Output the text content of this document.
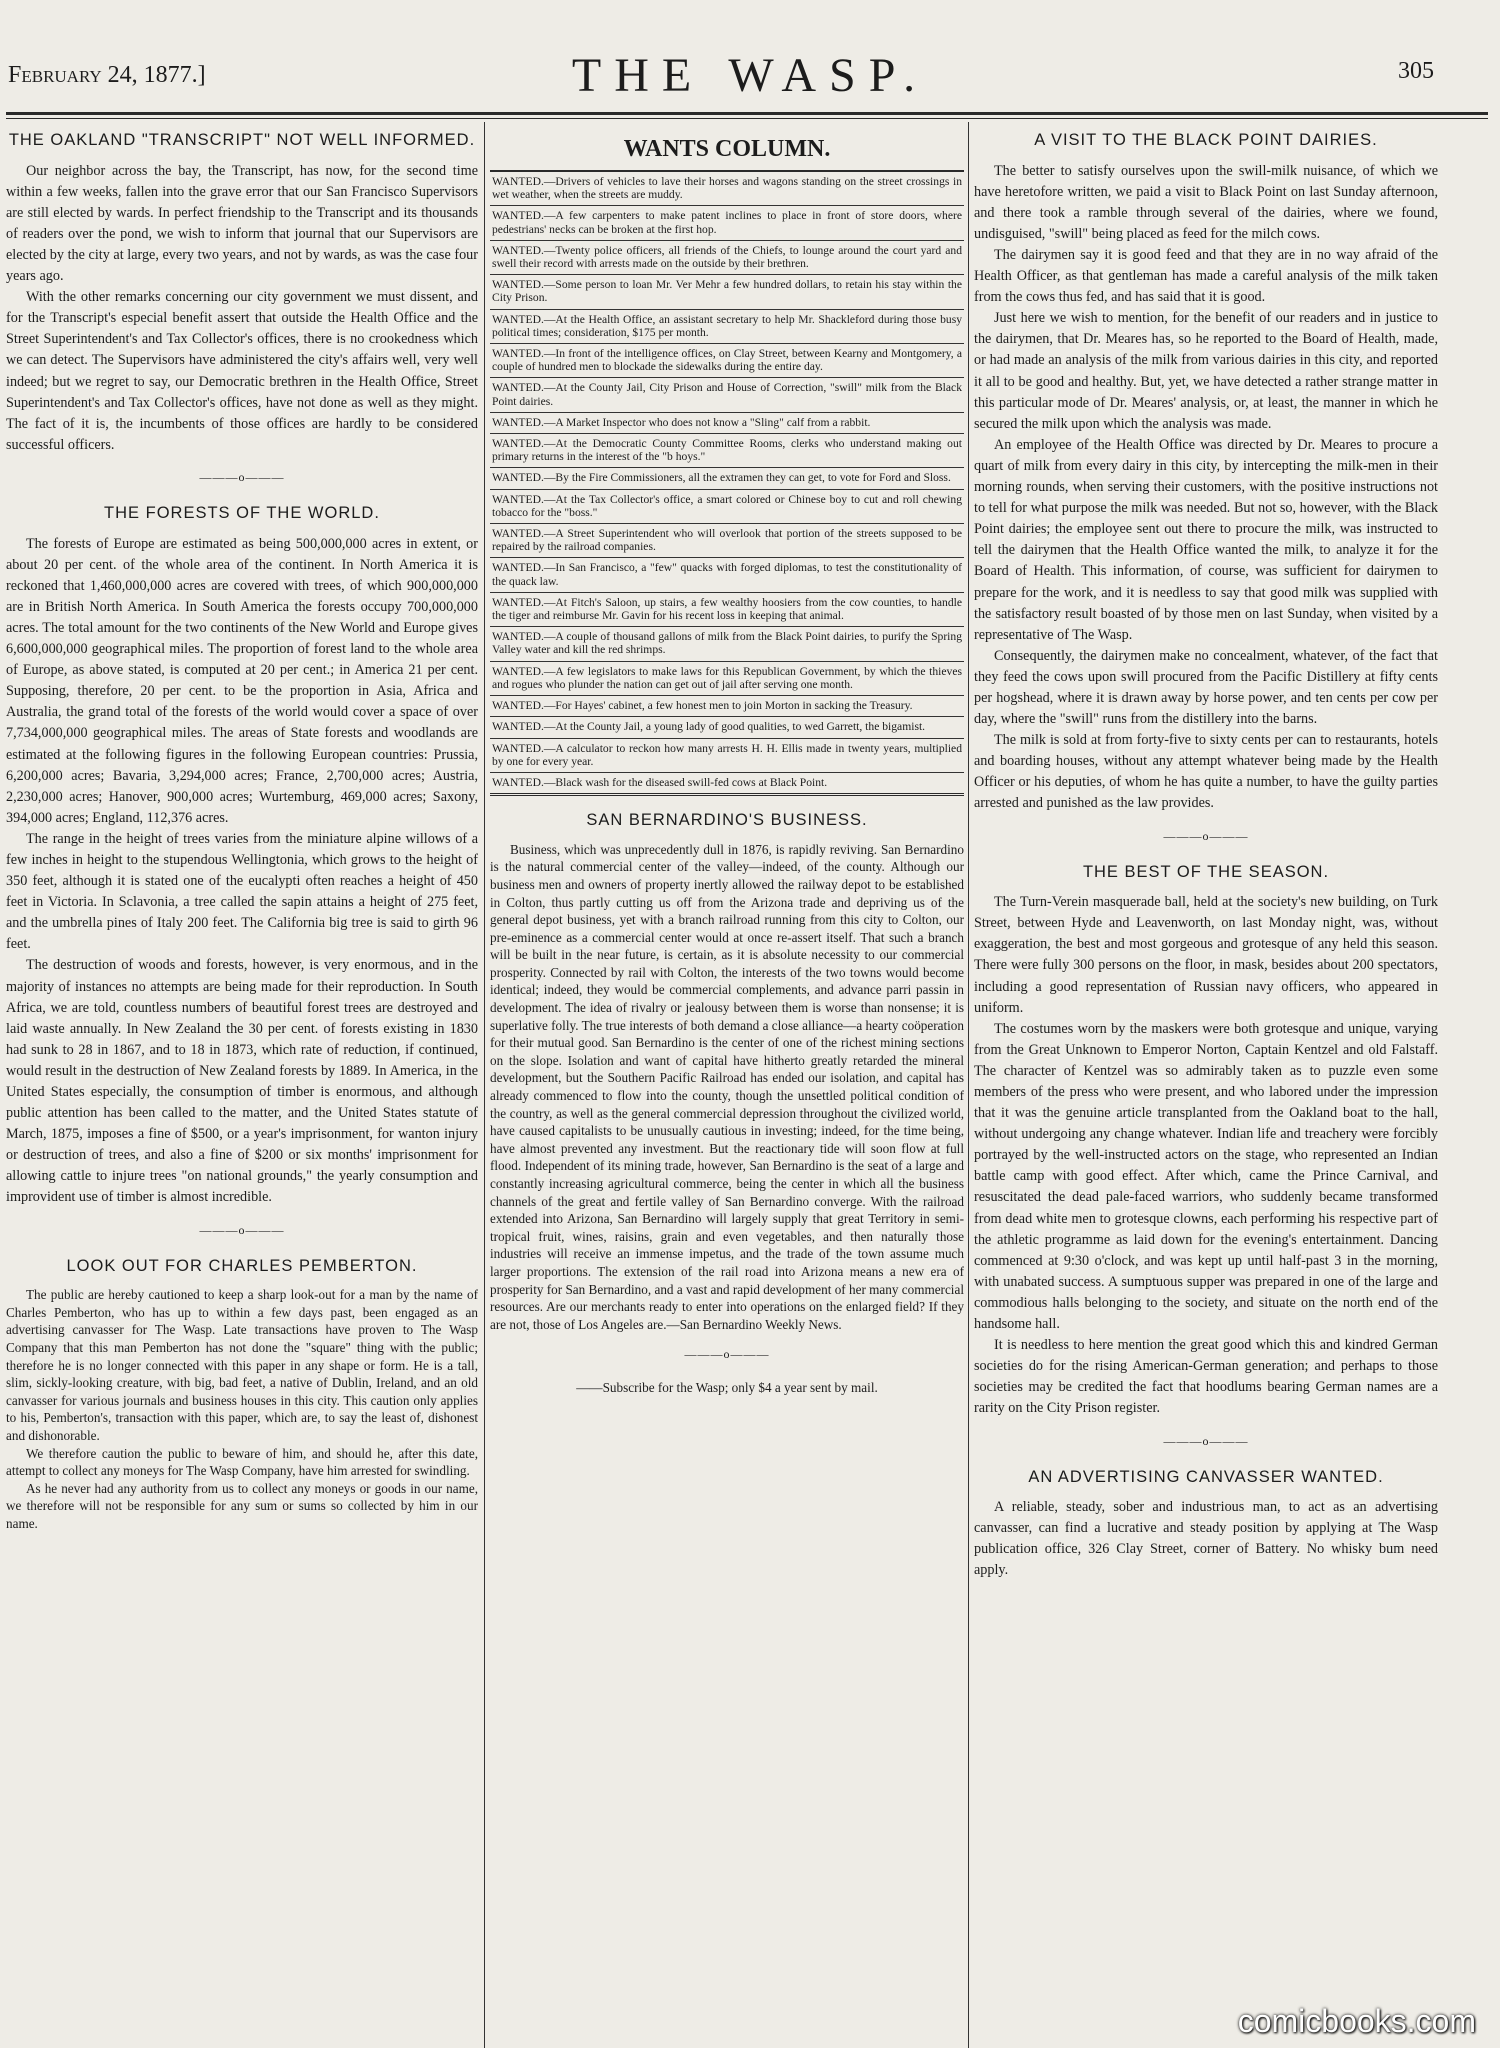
February 24, 1877.]	THE WASP.	305
THE OAKLAND "TRANSCRIPT" NOT WELL INFORMED.

Our neighbor across the bay, the Transcript, has now, for the second time within a few weeks, fallen into the grave error that our San Francisco Supervisors are still elected by wards. In perfect friendship to the Transcript and its thousands of readers over the pond, we wish to inform that journal that our Supervisors are elected by the city at large, every two years, and not by wards, as was the case four years ago.

With the other remarks concerning our city government we must dissent, and for the Transcript's especial benefit assert that outside the Health Office and the Street Superintendent's and Tax Collector's offices, there is no crookedness which we can detect. The Supervisors have administered the city's affairs well, very well indeed; but we regret to say, our Democratic brethren in the Health Office, Street Superintendent's and Tax Collector's offices, have not done as well as they might. The fact of it is, the incumbents of those offices are hardly to be considered successful officers.

———o———
THE FORESTS OF THE WORLD.

The forests of Europe are estimated as being 500,000,000 acres in extent, or about 20 per cent. of the whole area of the continent. In North America it is reckoned that 1,460,000,000 acres are covered with trees, of which 900,000,000 are in British North America. In South America the forests occupy 700,000,000 acres. The total amount for the two continents of the New World and Europe gives 6,600,000,000 geographical miles. The proportion of forest land to the whole area of Europe, as above stated, is computed at 20 per cent.; in America 21 per cent. Supposing, therefore, 20 per cent. to be the proportion in Asia, Africa and Australia, the grand total of the forests of the world would cover a space of over 7,734,000,000 geographical miles. The areas of State forests and woodlands are estimated at the following figures in the following European countries: Prussia, 6,200,000 acres; Bavaria, 3,294,000 acres; France, 2,700,000 acres; Austria, 2,230,000 acres; Hanover, 900,000 acres; Wurtemburg, 469,000 acres; Saxony, 394,000 acres; England, 112,376 acres.

The range in the height of trees varies from the miniature alpine willows of a few inches in height to the stupendous Wellingtonia, which grows to the height of 350 feet, although it is stated one of the eucalypti often reaches a height of 450 feet in Victoria. In Sclavonia, a tree called the sapin attains a height of 275 feet, and the umbrella pines of Italy 200 feet. The California big tree is said to girth 96 feet.

The destruction of woods and forests, however, is very enormous, and in the majority of instances no attempts are being made for their reproduction. In South Africa, we are told, countless numbers of beautiful forest trees are destroyed and laid waste annually. In New Zealand the 30 per cent. of forests existing in 1830 had sunk to 28 in 1867, and to 18 in 1873, which rate of reduction, if continued, would result in the destruction of New Zealand forests by 1889. In America, in the United States especially, the consumption of timber is enormous, and although public attention has been called to the matter, and the United States statute of March, 1875, imposes a fine of $500, or a year's imprisonment, for wanton injury or destruction of trees, and also a fine of $200 or six months' imprisonment for allowing cattle to injure trees "on national grounds," the yearly consumption and improvident use of timber is almost incredible.

———o———
LOOK OUT FOR CHARLES PEMBERTON.

The public are hereby cautioned to keep a sharp look-out for a man by the name of Charles Pemberton, who has up to within a few days past, been engaged as an advertising canvasser for The Wasp. Late transactions have proven to The Wasp Company that this man Pemberton has not done the "square" thing with the public; therefore he is no longer connected with this paper in any shape or form. He is a tall, slim, sickly-looking creature, with big, bad feet, a native of Dublin, Ireland, and an old canvasser for various journals and business houses in this city. This caution only applies to his, Pemberton's, transaction with this paper, which are, to say the least of, dishonest and dishonorable.

We therefore caution the public to beware of him, and should he, after this date, attempt to collect any moneys for The Wasp Company, have him arrested for swindling.

As he never had any authority from us to collect any moneys or goods in our name, we therefore will not be responsible for any sum or sums so collected by him in our name.

WANTS COLUMN.
WANTED.—Drivers of vehicles to lave their horses and wagons standing on the street crossings in wet weather, when the streets are muddy.
WANTED.—A few carpenters to make patent inclines to place in front of store doors, where pedestrians' necks can be broken at the first hop.
WANTED.—Twenty police officers, all friends of the Chiefs, to lounge around the court yard and swell their record with arrests made on the outside by their brethren.
WANTED.—Some person to loan Mr. Ver Mehr a few hundred dollars, to retain his stay within the City Prison.
WANTED.—At the Health Office, an assistant secretary to help Mr. Shackleford during those busy political times; consideration, $175 per month.
WANTED.—In front of the intelligence offices, on Clay Street, between Kearny and Montgomery, a couple of hundred men to blockade the sidewalks during the entire day.
WANTED.—At the County Jail, City Prison and House of Correction, "swill" milk from the Black Point dairies.
WANTED.—A Market Inspector who does not know a "Sling" calf from a rabbit.
WANTED.—At the Democratic County Committee Rooms, clerks who understand making out primary returns in the interest of the "b hoys."
WANTED.—By the Fire Commissioners, all the extramen they can get, to vote for Ford and Sloss.
WANTED.—At the Tax Collector's office, a smart colored or Chinese boy to cut and roll chewing tobacco for the "boss."
WANTED.—A Street Superintendent who will overlook that portion of the streets supposed to be repaired by the railroad companies.
WANTED.—In San Francisco, a "few" quacks with forged diplomas, to test the constitutionality of the quack law.
WANTED.—At Fitch's Saloon, up stairs, a few wealthy hoosiers from the cow counties, to handle the tiger and reimburse Mr. Gavin for his recent loss in keeping that animal.
WANTED.—A couple of thousand gallons of milk from the Black Point dairies, to purify the Spring Valley water and kill the red shrimps.
WANTED.—A few legislators to make laws for this Republican Government, by which the thieves and rogues who plunder the nation can get out of jail after serving one month.
WANTED.—For Hayes' cabinet, a few honest men to join Morton in sacking the Treasury.
WANTED.—At the County Jail, a young lady of good qualities, to wed Garrett, the bigamist.
WANTED.—A calculator to reckon how many arrests H. H. Ellis made in twenty years, multiplied by one for every year.
WANTED.—Black wash for the diseased swill-fed cows at Black Point.
SAN BERNARDINO'S BUSINESS.

Business, which was unprecedently dull in 1876, is rapidly reviving. San Bernardino is the natural commercial center of the valley—indeed, of the county. Although our business men and owners of property inertly allowed the railway depot to be established in Colton, thus partly cutting us off from the Arizona trade and depriving us of the general depot business, yet with a branch railroad running from this city to Colton, our pre-eminence as a commercial center would at once re-assert itself. That such a branch will be built in the near future, is certain, as it is absolute necessity to our commercial prosperity. Connected by rail with Colton, the interests of the two towns would become identical; indeed, they would be commercial complements, and advance parri passin in development. The idea of rivalry or jealousy between them is worse than nonsense; it is superlative folly. The true interests of both demand a close alliance—a hearty coöperation for their mutual good. San Bernardino is the center of one of the richest mining sections on the slope. Isolation and want of capital have hitherto greatly retarded the mineral development, but the Southern Pacific Railroad has ended our isolation, and capital has already commenced to flow into the county, though the unsettled political condition of the country, as well as the general commercial depression throughout the civilized world, have caused capitalists to be unusually cautious in investing; indeed, for the time being, have almost prevented any investment. But the reactionary tide will soon flow at full flood. Independent of its mining trade, however, San Bernardino is the seat of a large and constantly increasing agricultural commerce, being the center in which all the business channels of the great and fertile valley of San Bernardino converge. With the railroad extended into Arizona, San Bernardino will largely supply that great Territory in semi-tropical fruit, wines, raisins, grain and even vegetables, and then naturally those industries will receive an immense impetus, and the trade of the town assume much larger proportions. The extension of the rail road into Arizona means a new era of prosperity for San Bernardino, and a vast and rapid development of her many commercial resources. Are our merchants ready to enter into operations on the enlarged field? If they are not, those of Los Angeles are.—San Bernardino Weekly News.

———o———
——Subscribe for the Wasp; only $4 a year sent by mail.
A VISIT TO THE BLACK POINT DAIRIES.

The better to satisfy ourselves upon the swill-milk nuisance, of which we have heretofore written, we paid a visit to Black Point on last Sunday afternoon, and there took a ramble through several of the dairies, where we found, undisguised, "swill" being placed as feed for the milch cows.

The dairymen say it is good feed and that they are in no way afraid of the Health Officer, as that gentleman has made a careful analysis of the milk taken from the cows thus fed, and has said that it is good.

Just here we wish to mention, for the benefit of our readers and in justice to the dairymen, that Dr. Meares has, so he reported to the Board of Health, made, or had made an analysis of the milk from various dairies in this city, and reported it all to be good and healthy. But, yet, we have detected a rather strange matter in this particular mode of Dr. Meares' analysis, or, at least, the manner in which he secured the milk upon which the analysis was made.

An employee of the Health Office was directed by Dr. Meares to procure a quart of milk from every dairy in this city, by intercepting the milk-men in their morning rounds, when serving their customers, with the positive instructions not to tell for what purpose the milk was needed. But not so, however, with the Black Point dairies; the employee sent out there to procure the milk, was instructed to tell the dairymen that the Health Office wanted the milk, to analyze it for the Board of Health. This information, of course, was sufficient for dairymen to prepare for the work, and it is needless to say that good milk was supplied with the satisfactory result boasted of by those men on last Sunday, when visited by a representative of The Wasp.

Consequently, the dairymen make no concealment, whatever, of the fact that they feed the cows upon swill procured from the Pacific Distillery at fifty cents per hogshead, where it is drawn away by horse power, and ten cents per cow per day, where the "swill" runs from the distillery into the barns.

The milk is sold at from forty-five to sixty cents per can to restaurants, hotels and boarding houses, without any attempt whatever being made by the Health Officer or his deputies, of whom he has quite a number, to have the guilty parties arrested and punished as the law provides.

———o———
THE BEST OF THE SEASON.

The Turn-Verein masquerade ball, held at the society's new building, on Turk Street, between Hyde and Leavenworth, on last Monday night, was, without exaggeration, the best and most gorgeous and grotesque of any held this season. There were fully 300 persons on the floor, in mask, besides about 200 spectators, including a good representation of Russian navy officers, who appeared in uniform.

The costumes worn by the maskers were both grotesque and unique, varying from the Great Unknown to Emperor Norton, Captain Kentzel and old Falstaff. The character of Kentzel was so admirably taken as to puzzle even some members of the press who were present, and who labored under the impression that it was the genuine article transplanted from the Oakland boat to the hall, without undergoing any change whatever. Indian life and treachery were forcibly portrayed by the well-instructed actors on the stage, who represented an Indian battle camp with good effect. After which, came the Prince Carnival, and resuscitated the dead pale-faced warriors, who suddenly became transformed from dead white men to grotesque clowns, each performing his respective part of the athletic programme as laid down for the evening's entertainment. Dancing commenced at 9:30 o'clock, and was kept up until half-past 3 in the morning, with unabated success. A sumptuous supper was prepared in one of the large and commodious halls belonging to the society, and situate on the north end of the handsome hall.

It is needless to here mention the great good which this and kindred German societies do for the rising American-German generation; and perhaps to those societies may be credited the fact that hoodlums bearing German names are a rarity on the City Prison register.

———o———
AN ADVERTISING CANVASSER WANTED.

A reliable, steady, sober and industrious man, to act as an advertising canvasser, can find a lucrative and steady position by applying at The Wasp publication office, 326 Clay Street, corner of Battery. No whisky bum need apply.

comicbooks.com
